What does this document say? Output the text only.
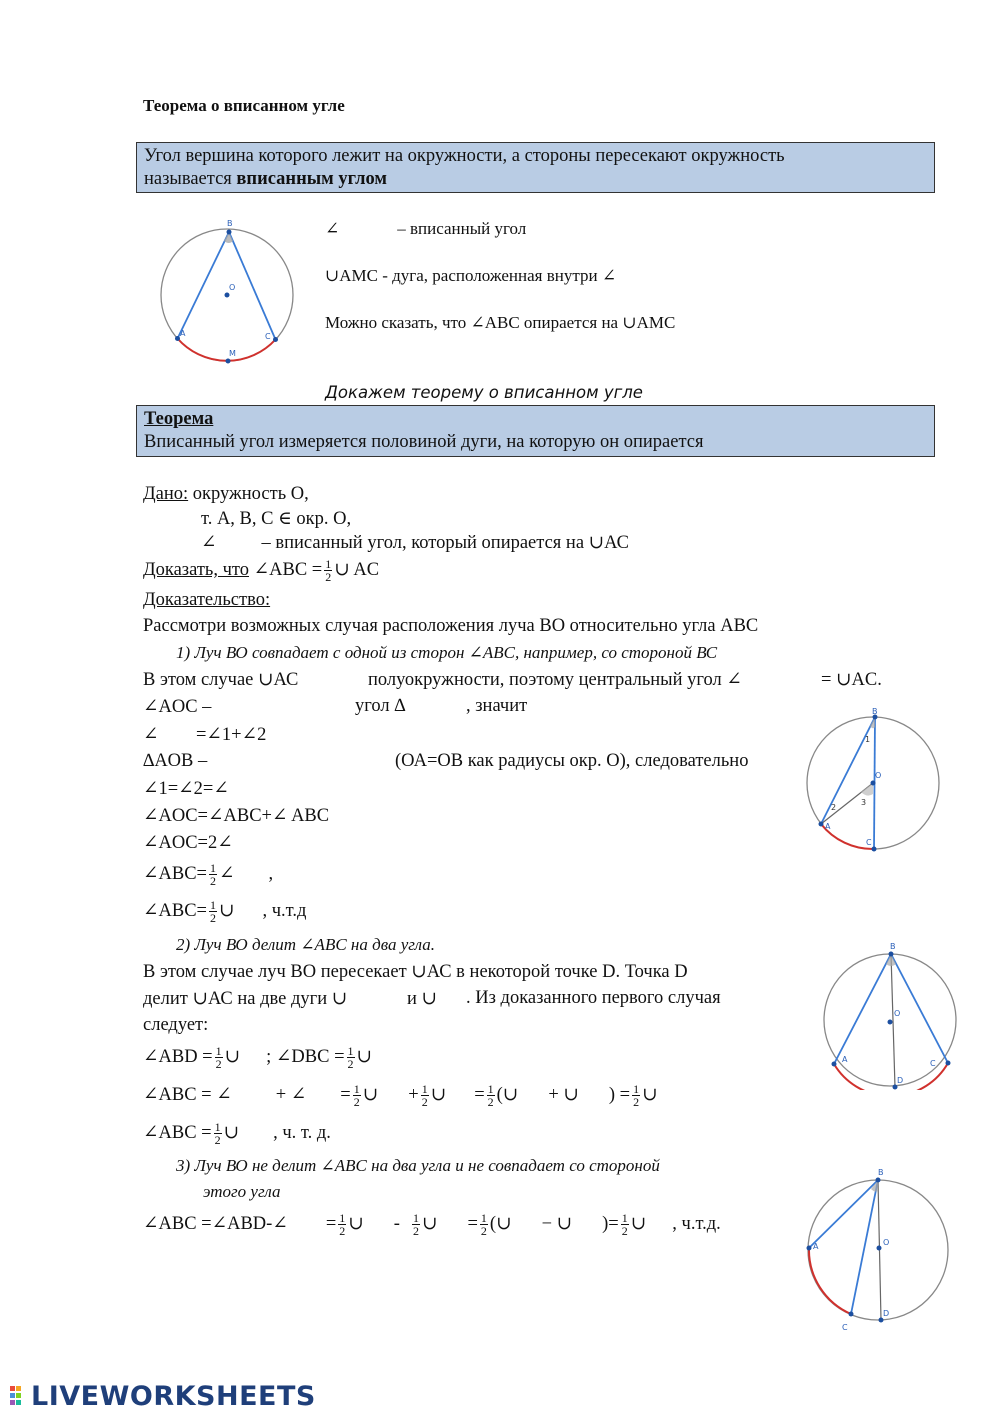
Теорема о вписанном угле
Угол вершина которого лежит на окружности, а стороны пересекают окружность
называется вписанным углом
B
A	C
M
O
∠	– вписанный угол
∪AMC - дуга, расположенная внутри ∠
Можно сказать, что ∠ABC опирается на ∪AMC
Докажем теорему о вписанном угле
Теорема
Вписанный угол измеряется половиной дуги, на которую он опирается
Дано: окружность О,
т. А, В, С ∈ окр. О,
∠ – вписанный угол, который опирается на ∪АС
Доказать, что ∠ABC = $\frac{1}{2}$ ∪ AC
Доказательство:
Рассмотри возможных случая расположения луча ВО относительно угла АВС
1) Луч ВО совпадает с одной из сторон ∠ABC, например, со стороной ВС
В этом случае ∪АС	полуокружности, поэтому центральный угол ∠	= ∪AC.
∠AOC –	угол ∆	, значит
∠ =∠1+∠2
∆AOB –	(ОА=ОВ как радиусы окр. О), следовательно
∠1=∠2=∠
∠AOC=∠ABC+∠ ABC
∠AOC=2∠
∠ABC= $\frac{1}{2}$ ∠ ,
∠ABC= $\frac{1}{2}$ ∪ , ч.т.д
B
A
C
O
1
2
3
2) Луч ВО делит ∠ABC на два угла.
В этом случае луч ВО пересекает ∪АС в некоторой точке D. Точка D
делит ∪АС на две дуги ∪	и ∪ . Из доказанного первого случая
следует:
∠ABD = $\frac{1}{2}$ ∪ ; ∠DBC = $\frac{1}{2}$ ∪
∠ABC = ∠ + ∠ = $\frac{1}{2}$ ∪ + $\frac{1}{2}$ ∪ = $\frac{1}{2}$ (∪ + ∪ ) = $\frac{1}{2}$ ∪
∠ABC = $\frac{1}{2}$ ∪ , ч. т. д.
B
A	C
D
O
3) Луч ВО не делит ∠ABC на два угла и не совпадает со стороной
этого угла
∠ABC =∠ABD-∠ = $\frac{1}{2}$ ∪ - $\frac{1}{2}$ ∪ = $\frac{1}{2}$ (∪ − ∪ )= $\frac{1}{2}$ ∪ , ч.т.д.
B
A
C
D
O
LIVEWORKSHEETS
